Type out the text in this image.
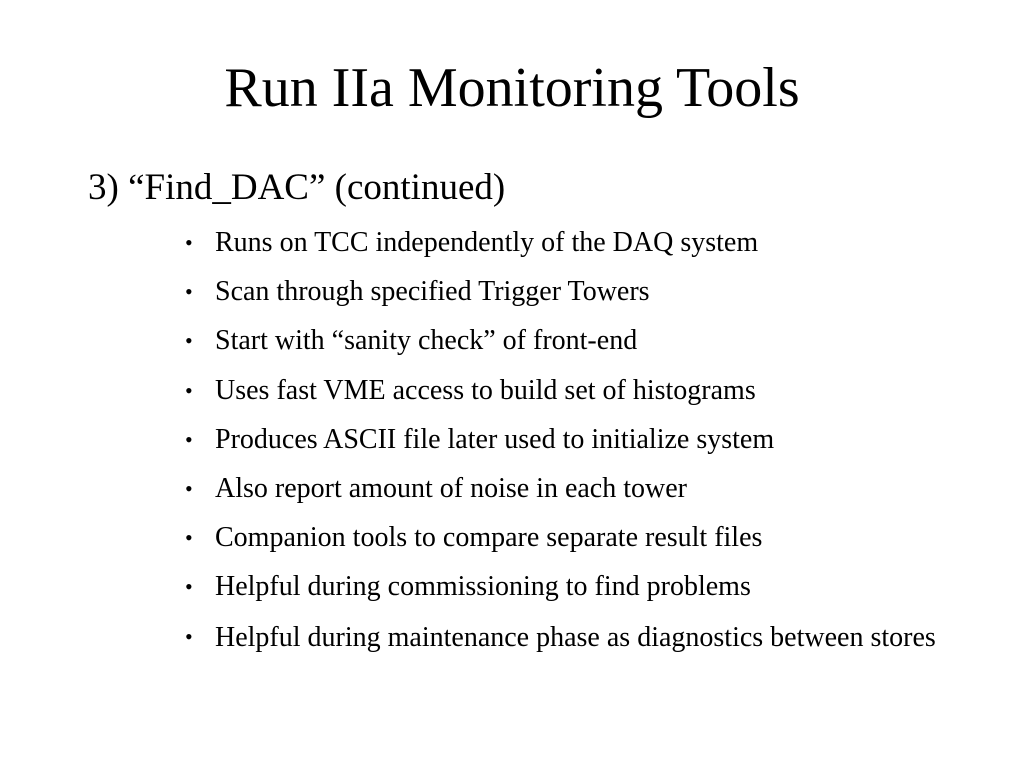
Run IIa Monitoring Tools
3) “Find_DAC” (continued)
• Runs on TCC independently of the DAQ system
• Scan through specified Trigger Towers
• Start with “sanity check” of front-end
• Uses fast VME access to build set of histograms
• Produces ASCII file later used to initialize system
• Also report amount of noise in each tower
• Companion tools to compare separate result files
• Helpful during commissioning to find problems
• Helpful during maintenance phase as diagnostics between stores
